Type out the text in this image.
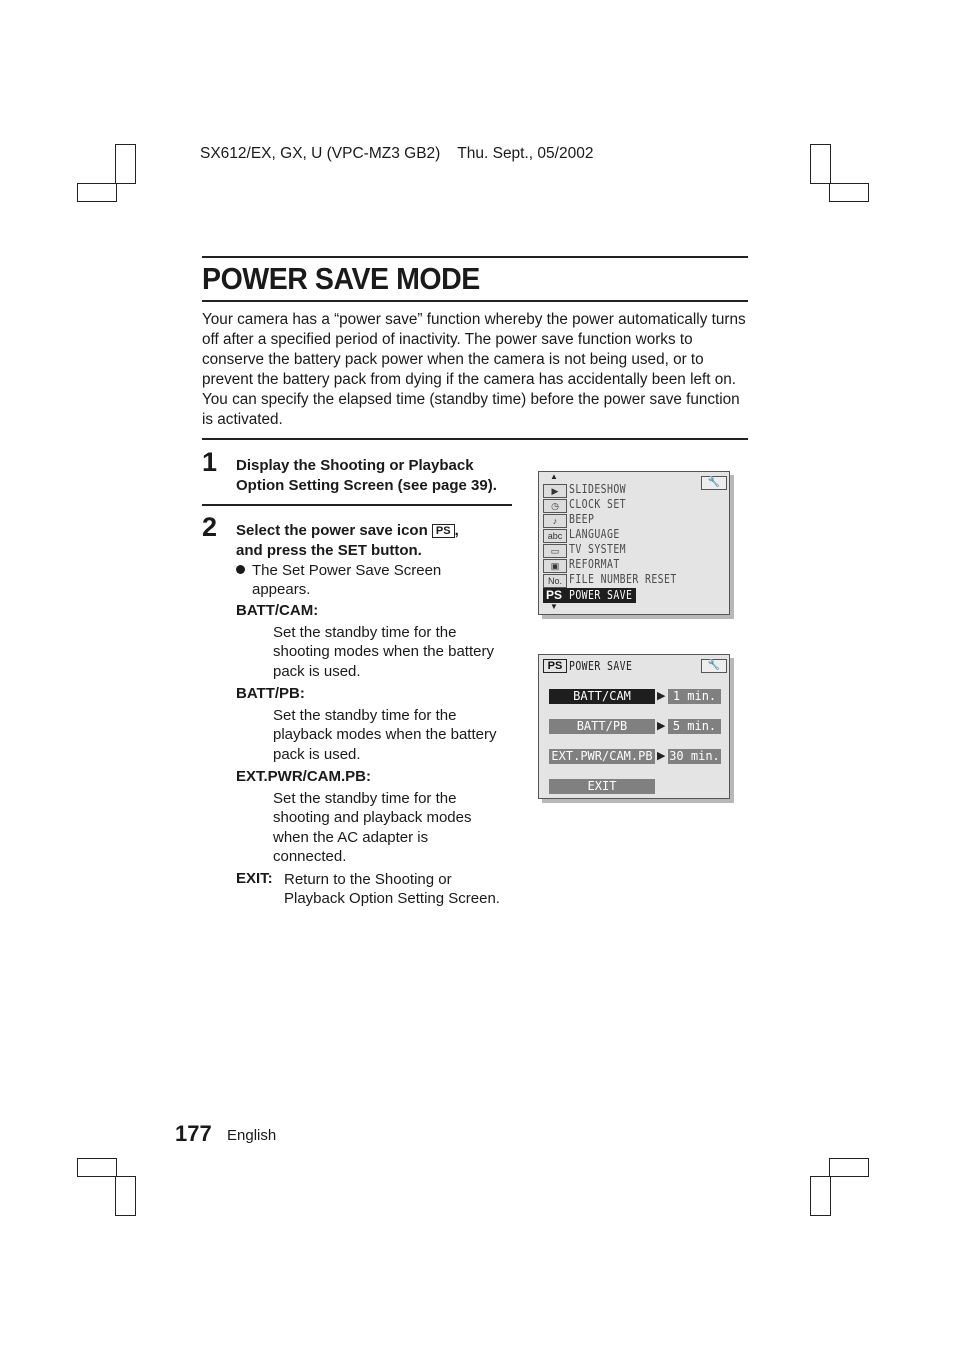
SX612/EX, GX, U (VPC-MZ3 GB2) Thu. Sept., 05/2002
POWER SAVE MODE
Your camera has a “power save” function whereby the power automatically turns off after a specified period of inactivity. The power save function works to conserve the battery pack power when the camera is not being used, or to prevent the battery pack from dying if the camera has accidentally been left on. You can specify the elapsed time (standby time) before the power save function is activated.
1 Display the Shooting or Playback Option Setting Screen (see page 39).
2 Select the power save icon PS ,
and press the SET button.
The Set Power Save Screen appears.
BATT/CAM:
Set the standby time for the shooting modes when the battery pack is used.
BATT/PB:
Set the standby time for the playback modes when the battery pack is used.
EXT.PWR/CAM.PB:
Set the standby time for the shooting and playback modes when the AC adapter is connected.
EXIT: Return to the Shooting or Playback Option Setting Screen.
🔧
▲
▶ SLIDESHOW
◷ CLOCK SET
♪ BEEP
abc LANGUAGE
▭ TV SYSTEM
▣ REFORMAT
No. FILE NUMBER RESET
PS POWER SAVE
▼
PS POWER SAVE	🔧
BATT/CAM	▶ 1 min.
BATT/PB	▶ 5 min.
EXT.PWR/CAM.PB ▶ 30 min.
EXIT
177 English
